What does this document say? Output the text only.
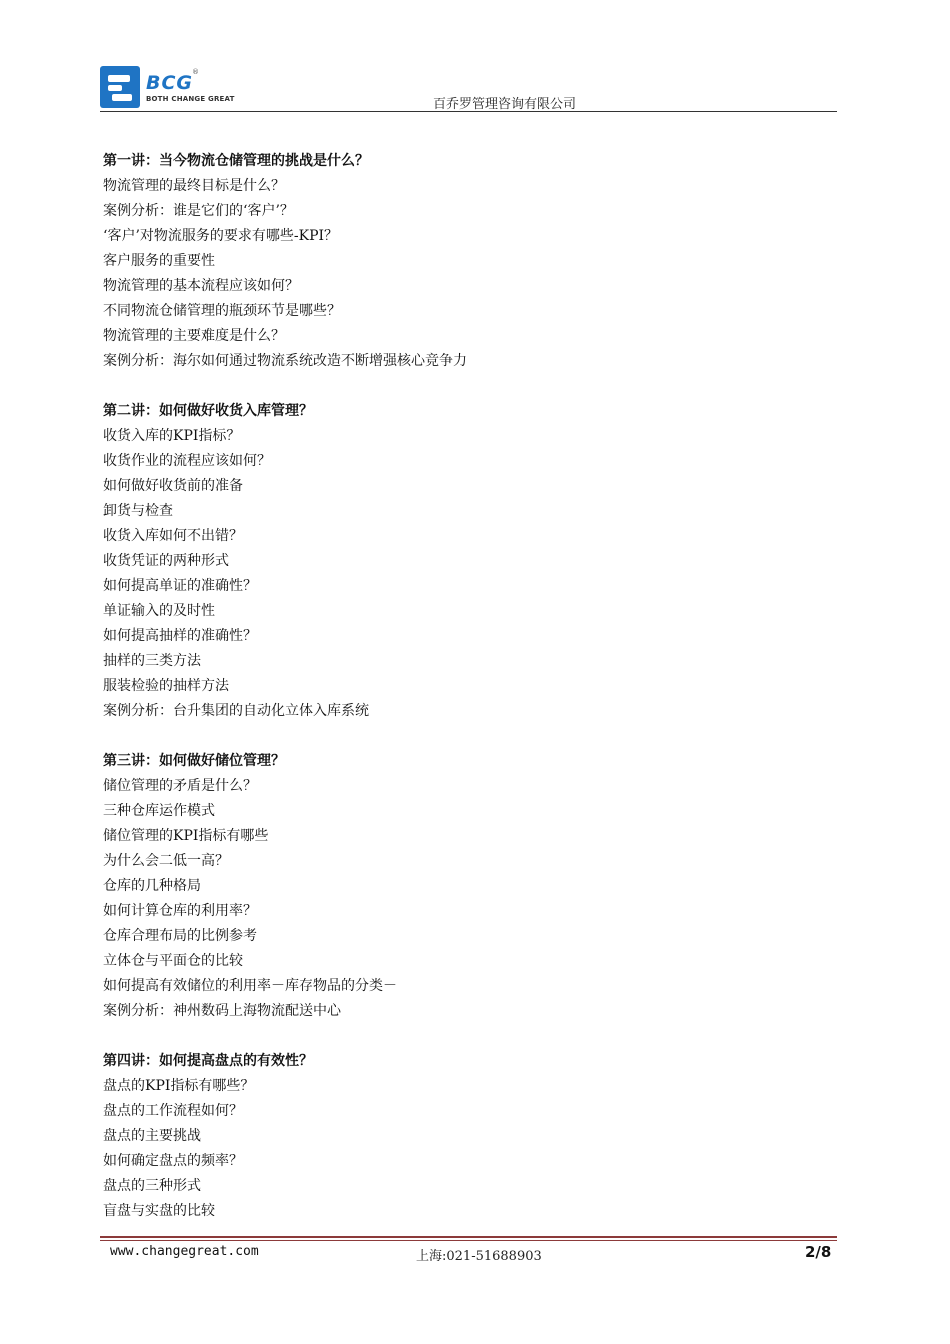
BCG
®
BOTH CHANGE GREAT	百乔罗管理咨询有限公司
第一讲：当今物流仓储管理的挑战是什么？
物流管理的最终目标是什么？
案例分析：谁是它们的‘客户’？
‘客户’对物流服务的要求有哪些-KPI？
客户服务的重要性
物流管理的基本流程应该如何？
不同物流仓储管理的瓶颈环节是哪些？
物流管理的主要难度是什么？
案例分析：海尔如何通过物流系统改造不断增强核心竞争力
第二讲：如何做好收货入库管理？
收货入库的KPI指标？
收货作业的流程应该如何？
如何做好收货前的准备
卸货与检查
收货入库如何不出错？
收货凭证的两种形式
如何提高单证的准确性？
单证输入的及时性
如何提高抽样的准确性？
抽样的三类方法
服装检验的抽样方法
案例分析：台升集团的自动化立体入库系统
第三讲：如何做好储位管理？
储位管理的矛盾是什么？
三种仓库运作模式
储位管理的KPI指标有哪些
为什么会二低一高？
仓库的几种格局
如何计算仓库的利用率？
仓库合理布局的比例参考
立体仓与平面仓的比较
如何提高有效储位的利用率－库存物品的分类－
案例分析：神州数码上海物流配送中心
第四讲：如何提高盘点的有效性？
盘点的KPI指标有哪些？
盘点的工作流程如何？
盘点的主要挑战
如何确定盘点的频率？
盘点的三种形式
盲盘与实盘的比较
www.changegreat.com	上海:021-51688903	2/8
